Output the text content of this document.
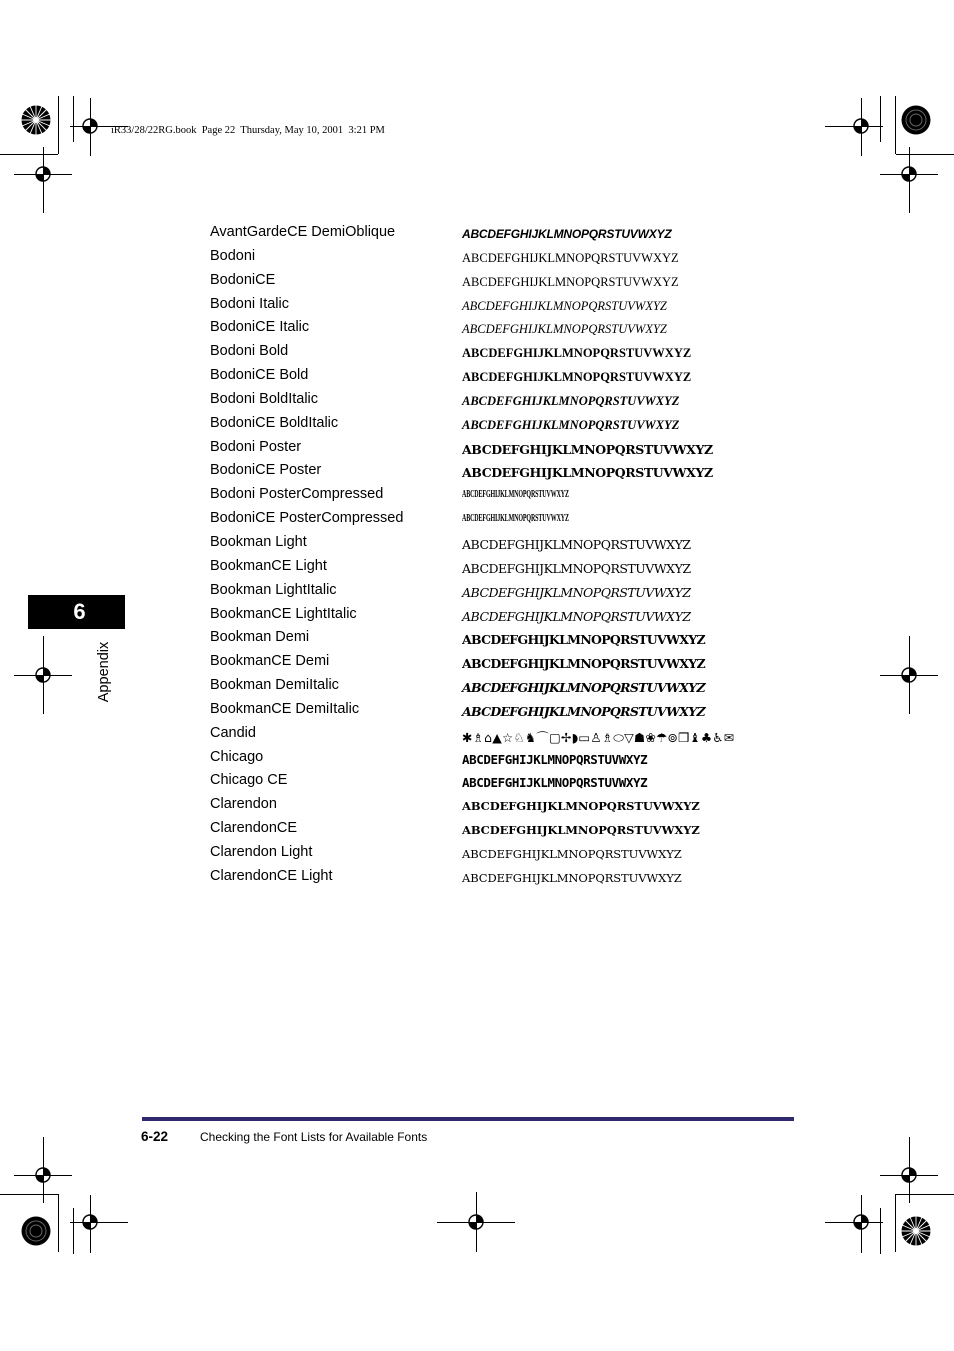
iR33/28/22RG.book  Page 22  Thursday, May 10, 2001  3:21 PM
AvantGardeCE DemiOblique	ABCDEFGHIJKLMNOPQRSTUVWXYZ
Bodoni	ABCDEFGHIJKLMNOPQRSTUVWXYZ
BodoniCE	ABCDEFGHIJKLMNOPQRSTUVWXYZ
Bodoni Italic	ABCDEFGHIJKLMNOPQRSTUVWXYZ
BodoniCE Italic	ABCDEFGHIJKLMNOPQRSTUVWXYZ
Bodoni Bold	ABCDEFGHIJKLMNOPQRSTUVWXYZ
BodoniCE Bold	ABCDEFGHIJKLMNOPQRSTUVWXYZ
Bodoni BoldItalic	ABCDEFGHIJKLMNOPQRSTUVWXYZ
BodoniCE BoldItalic	ABCDEFGHIJKLMNOPQRSTUVWXYZ
Bodoni Poster	ABCDEFGHIJKLMNOPQRSTUVWXYZ
BodoniCE Poster	ABCDEFGHIJKLMNOPQRSTUVWXYZ
Bodoni PosterCompressed	ABCDEFGHIJKLMNOPQRSTUVWXYZ
BodoniCE PosterCompressed	ABCDEFGHIJKLMNOPQRSTUVWXYZ
Bookman Light	ABCDEFGHIJKLMNOPQRSTUVWXYZ
BookmanCE Light	ABCDEFGHIJKLMNOPQRSTUVWXYZ
Bookman LightItalic	ABCDEFGHIJKLMNOPQRSTUVWXYZ
BookmanCE LightItalic	ABCDEFGHIJKLMNOPQRSTUVWXYZ
Bookman Demi	ABCDEFGHIJKLMNOPQRSTUVWXYZ
BookmanCE Demi	ABCDEFGHIJKLMNOPQRSTUVWXYZ
Bookman DemiItalic	ABCDEFGHIJKLMNOPQRSTUVWXYZ
BookmanCE DemiItalic	ABCDEFGHIJKLMNOPQRSTUVWXYZ
Candid	✱♗⌂▲☆♘♞⌒▢✢◗▭♙♗⬭▽☗❀☂⊚❒♝♣♿✉
Chicago	ABCDEFGHIJKLMNOPQRSTUVWXYZ
Chicago CE	ABCDEFGHIJKLMNOPQRSTUVWXYZ
Clarendon	ABCDEFGHIJKLMNOPQRSTUVWXYZ
ClarendonCE	ABCDEFGHIJKLMNOPQRSTUVWXYZ
Clarendon Light	ABCDEFGHIJKLMNOPQRSTUVWXYZ
ClarendonCE Light	ABCDEFGHIJKLMNOPQRSTUVWXYZ
6
Appendix
6-22	Checking the Font Lists for Available Fonts
